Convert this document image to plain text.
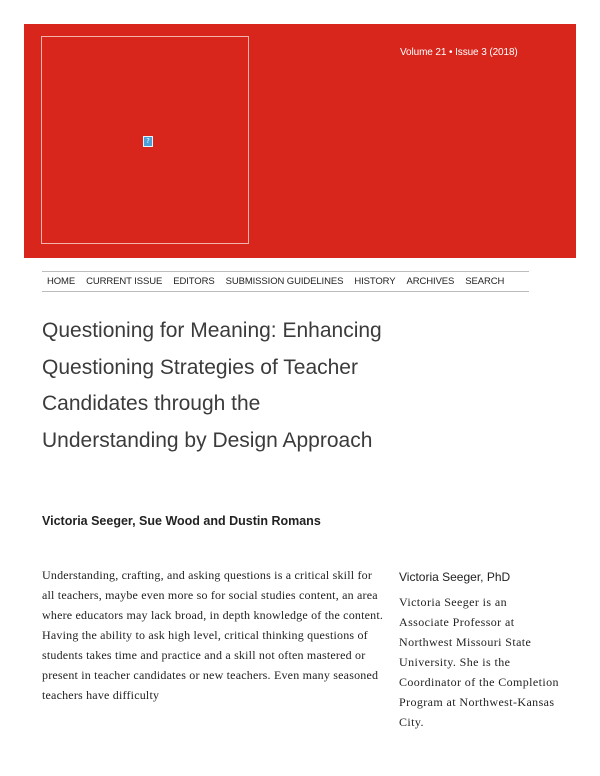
?
Volume 21 • Issue 3 (2018)
HOME CURRENT ISSUE EDITORS SUBMISSION GUIDELINES HISTORY ARCHIVES SEARCH
Questioning for Meaning: Enhancing Questioning Strategies of Teacher Candidates through the Understanding by Design Approach

Victoria Seeger, Sue Wood and Dustin Romans

Understanding, crafting, and asking questions is a critical skill for all teachers, maybe even more so for social studies content, an area where educators may lack broad, in depth knowledge of the content. Having the ability to ask high level, critical thinking questions of students takes time and practice and a skill not often mastered or present in teacher candidates or new teachers. Even many seasoned teachers have difficulty

Victoria Seeger, PhD

Victoria Seeger is an Associate Professor at Northwest Missouri State University. She is the Coordinator of the Completion Program at Northwest-Kansas City.
